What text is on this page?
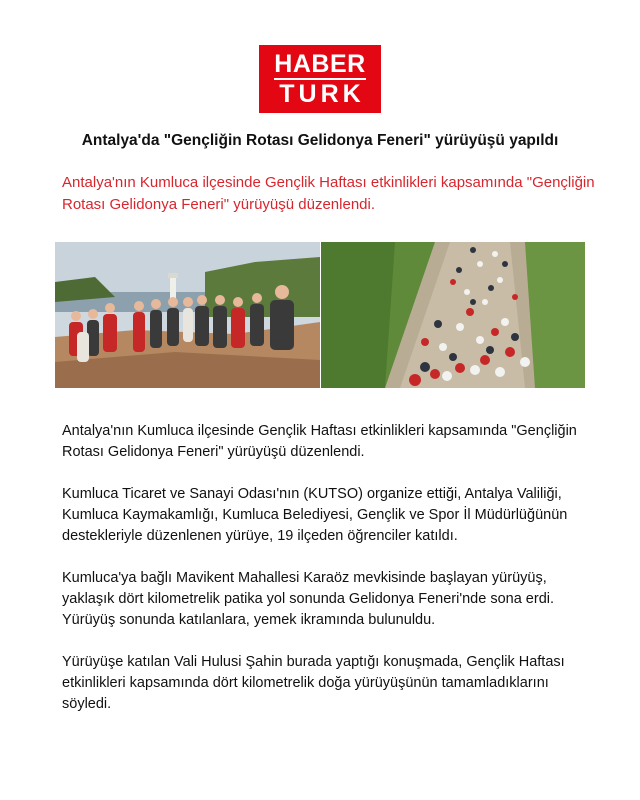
HABER
TURK
Antalya'da "Gençliğin Rotası Gelidonya Feneri" yürüyüşü yapıldı
Antalya'nın Kumluca ilçesinde Gençlik Haftası etkinlikleri kapsamında "Gençliğin Rotası Gelidonya Feneri" yürüyüşü düzenlendi.

Antalya'nın Kumluca ilçesinde Gençlik Haftası etkinlikleri kapsamında "Gençliğin Rotası Gelidonya Feneri" yürüyüşü düzenlendi.

Kumluca Ticaret ve Sanayi Odası'nın (KUTSO) organize ettiği, Antalya Valiliği, Kumluca Kaymakamlığı, Kumluca Belediyesi, Gençlik ve Spor İl Müdürlüğünün destekleriyle düzenlenen yürüye, 19 ilçeden öğrenciler katıldı.

Kumluca'ya bağlı Mavikent Mahallesi Karaöz mevkisinde başlayan yürüyüş, yaklaşık dört kilometrelik patika yol sonunda Gelidonya Feneri'nde sona erdi. Yürüyüş sonunda katılanlara, yemek ikramında bulunuldu.

Yürüyüşe katılan Vali Hulusi Şahin burada yaptığı konuşmada, Gençlik Haftası etkinlikleri kapsamında dört kilometrelik doğa yürüyüşünün tamamladıklarını söyledi.
